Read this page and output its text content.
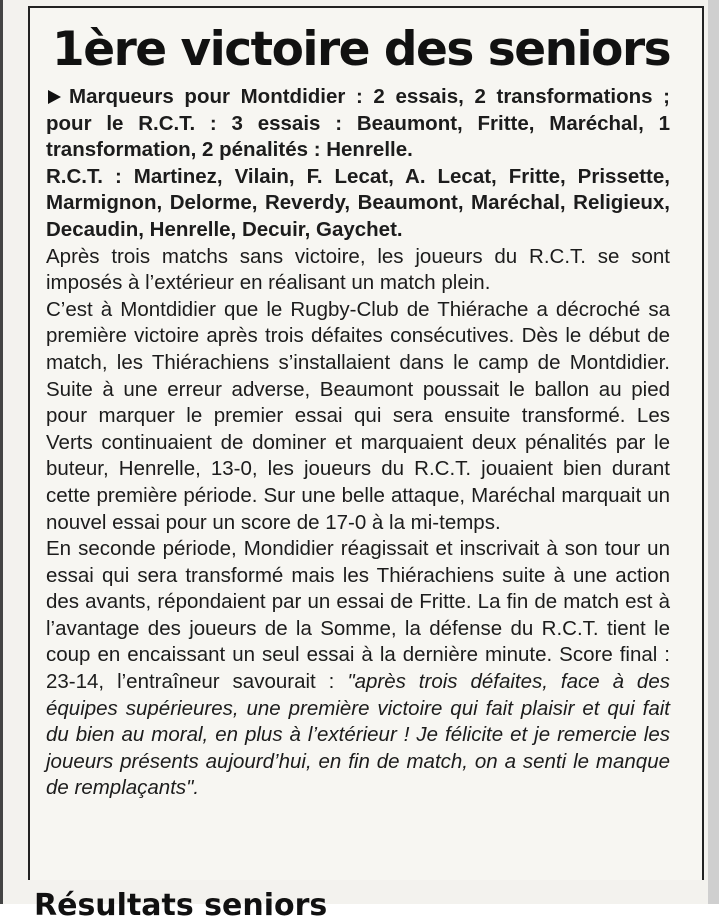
1ère victoire des seniors

Marqueurs pour Montdidier : 2 essais, 2 transformations ; pour le R.C.T. : 3 essais : Beaumont, Fritte, Maréchal, 1 transformation, 2 pénalités : Henrelle.

R.C.T. : Martinez, Vilain, F. Lecat, A. Lecat, Fritte, Prissette, Marmignon, Delorme, Reverdy, Beaumont, Maréchal, Religieux, Decaudin, Henrelle, Decuir, Gaychet.

Après trois matchs sans victoire, les joueurs du R.C.T. se sont imposés à l’extérieur en réalisant un match plein.

C’est à Montdidier que le Rugby-Club de Thiérache a décroché sa première victoire après trois défaites consécutives. Dès le début de match, les Thiérachiens s’installaient dans le camp de Montdidier. Suite à une erreur adverse, Beaumont poussait le ballon au pied pour marquer le premier essai qui sera ensuite transformé. Les Verts continuaient de dominer et marquaient deux pénalités par le buteur, Henrelle, 13-0, les joueurs du R.C.T. jouaient bien durant cette première période. Sur une belle attaque, Maréchal marquait un nouvel essai pour un score de 17-0 à la mi-temps.

En seconde période, Mondidier réagissait et inscrivait à son tour un essai qui sera transformé mais les Thiérachiens suite à une action des avants, répondaient par un essai de Fritte. La fin de match est à l’avantage des joueurs de la Somme, la défense du R.C.T. tient le coup en encaissant un seul essai à la dernière minute. Score final : 23-14, l’entraîneur savourait : "après trois défaites, face à des équipes supérieures, une première victoire qui fait plaisir et qui fait du bien au moral, en plus à l’extérieur ! Je félicite et je remercie les joueurs présents aujourd’hui, en fin de match, on a senti le manque de remplaçants".

Résultats seniors
